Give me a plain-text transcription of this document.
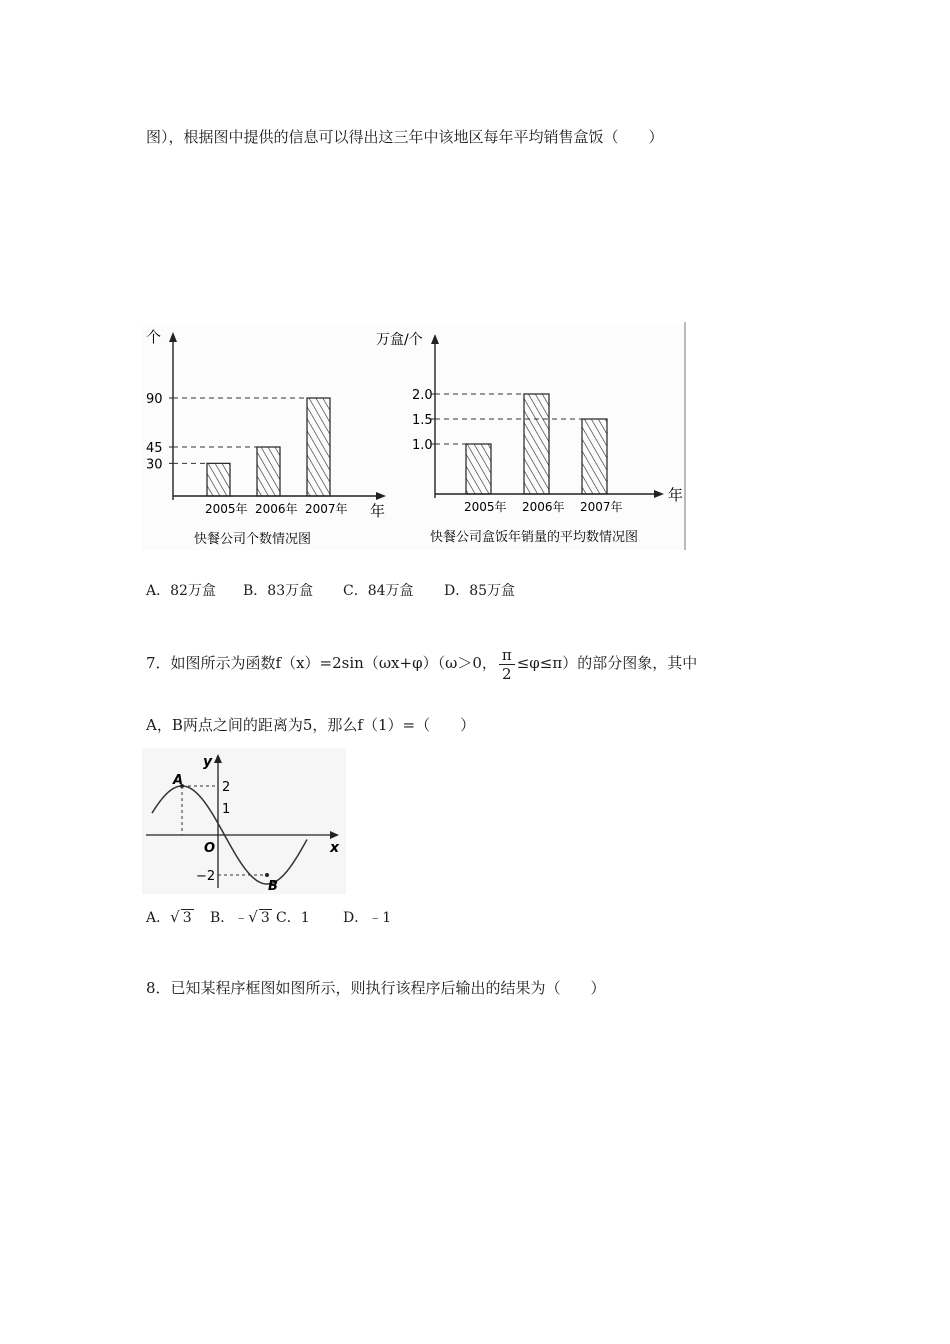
图），根据图中提供的信息可以得出这三年中该地区每年平均销售盒饭（　　）
个
年
90
45
30
2005年 2006年 2007年
快餐公司个数情况图
万盒/个
年
2.0
1.5
1.0
2005年 2006年 2007年
快餐公司盒饭年销量的平均数情况图
A．82万盒 B．83万盒 C．84万盒 D．85万盒
7．如图所示为函数f（x）=2sin（ωx+φ）（ω＞0， $\frac{\pi}{2} \le\varphi\le\pi$）的部分图象，其中
A，B两点之间的距离为5，那么f（1）=（　　）
y
x
A
B
O
2
1
−2
A．√ 3 B．﹣√ 3 C．1 D．﹣1
8．已知某程序框图如图所示，则执行该程序后输出的结果为（　　）
